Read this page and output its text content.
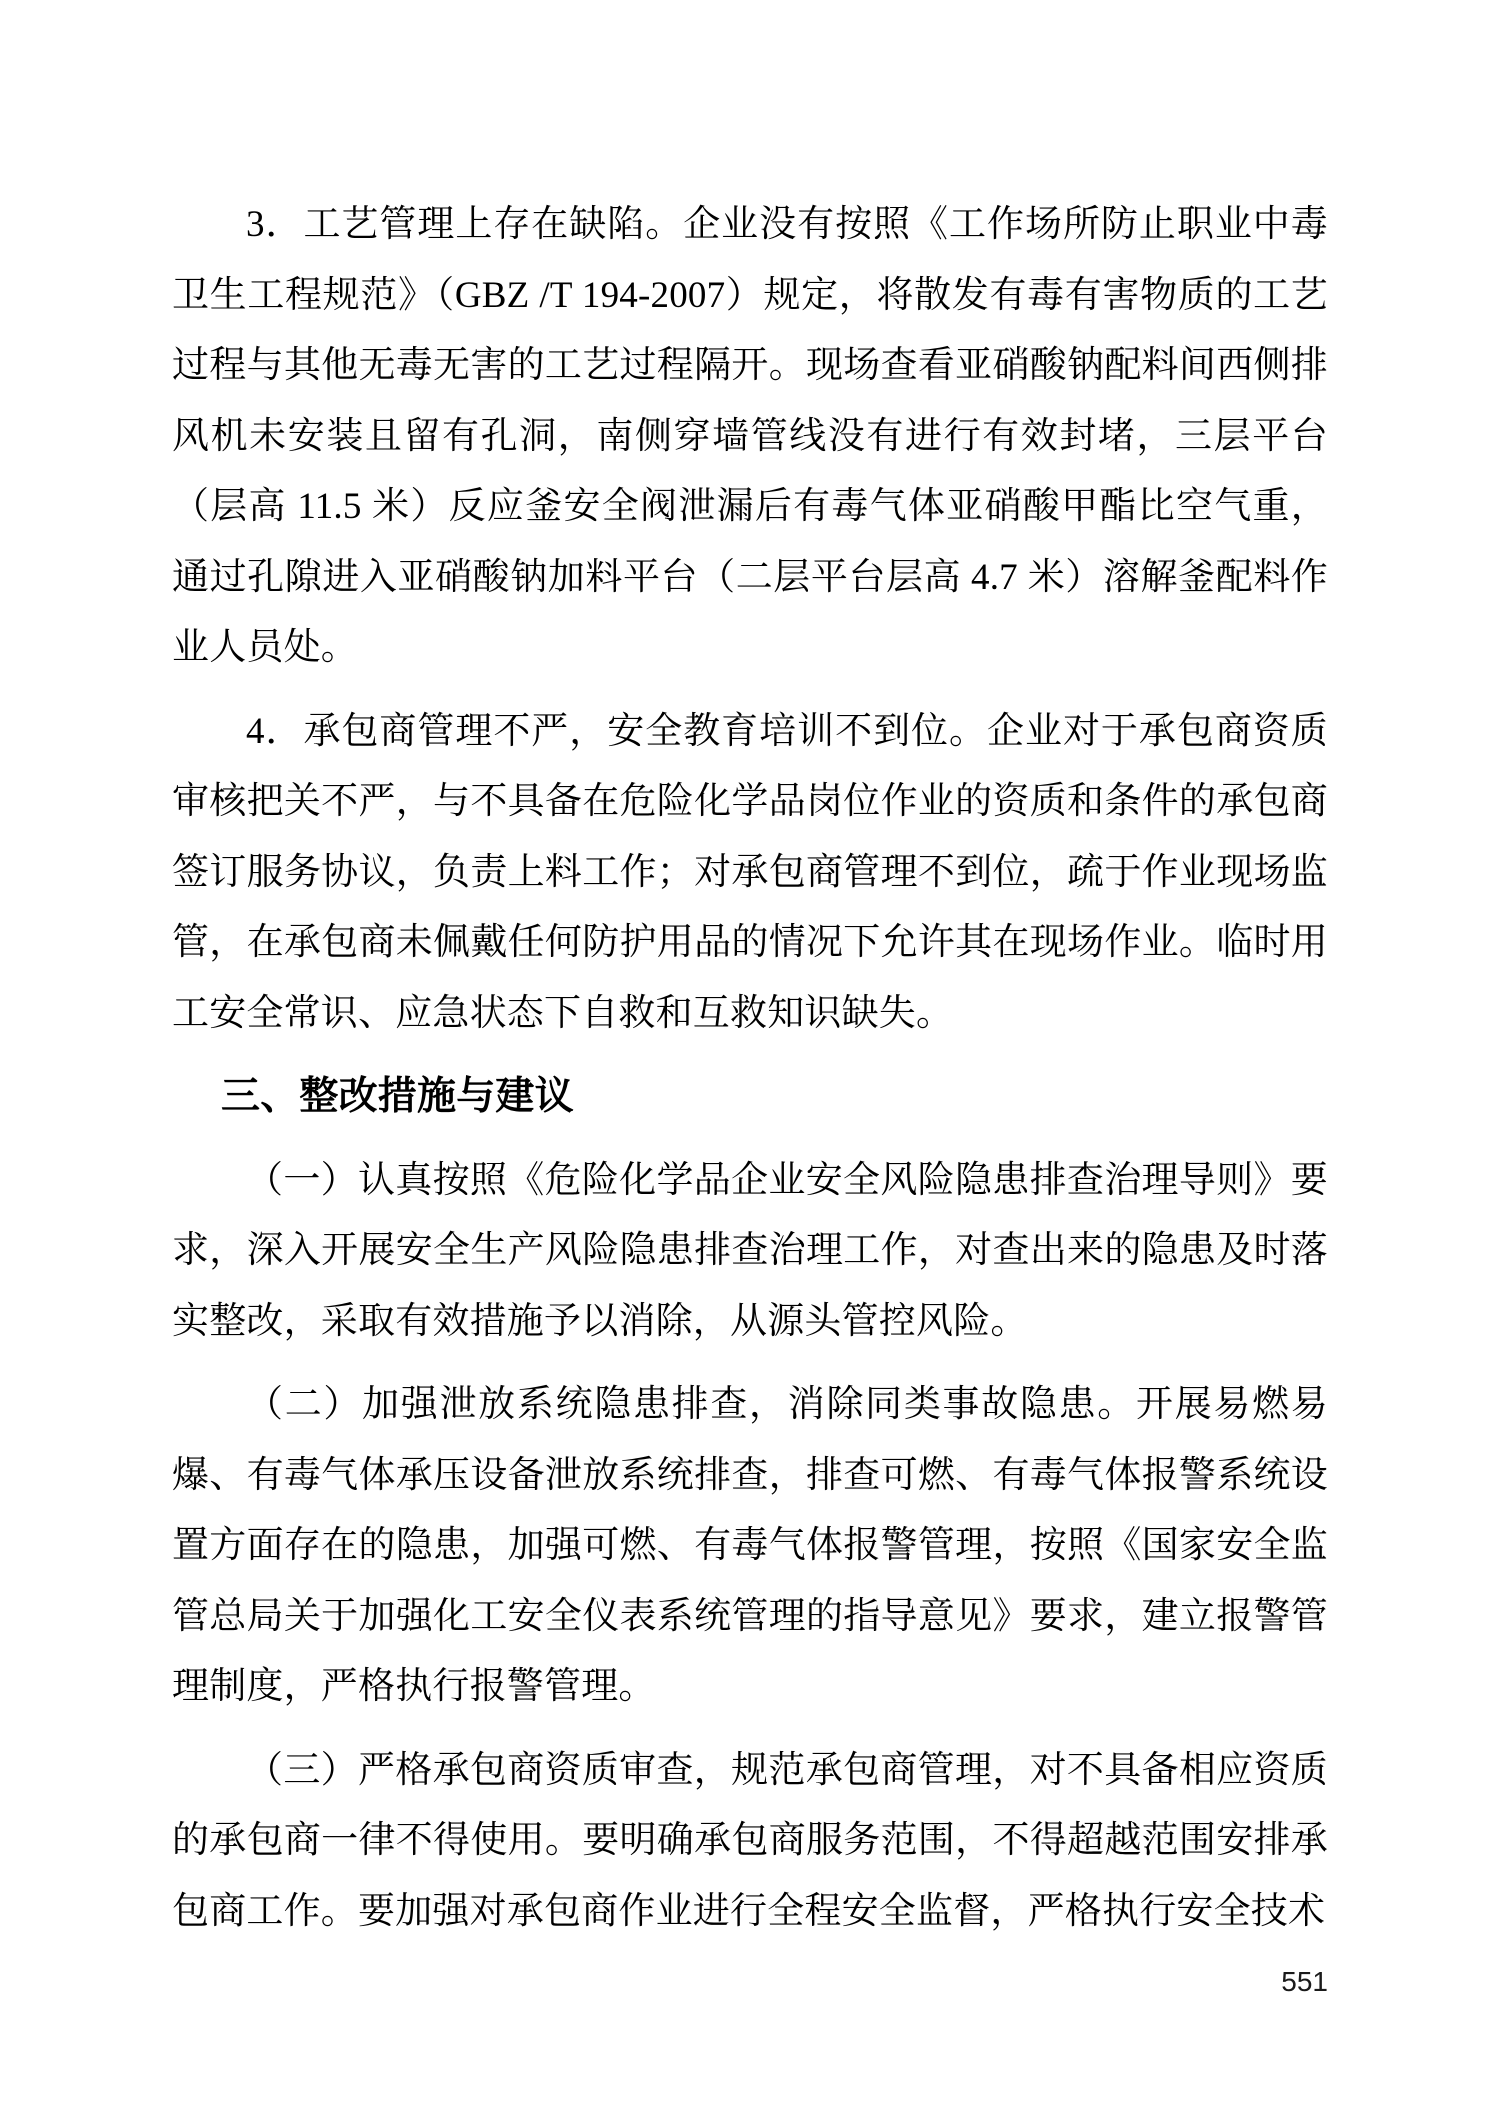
3．工艺管理上存在缺陷。企业没有按照《工作场所防止职业中毒卫生工程规范》（GBZ /T 194-2007）规定，将散发有毒有害物质的工艺过程与其他无毒无害的工艺过程隔开。现场查看亚硝酸钠配料间西侧排风机未安装且留有孔洞，南侧穿墙管线没有进行有效封堵，三层平台（层高 11.5 米）反应釜安全阀泄漏后有毒气体亚硝酸甲酯比空气重，通过孔隙进入亚硝酸钠加料平台（二层平台层高 4.7 米）溶解釜配料作业人员处。

4．承包商管理不严，安全教育培训不到位。企业对于承包商资质审核把关不严，与不具备在危险化学品岗位作业的资质和条件的承包商签订服务协议，负责上料工作；对承包商管理不到位，疏于作业现场监管，在承包商未佩戴任何防护用品的情况下允许其在现场作业。临时用工安全常识、应急状态下自救和互救知识缺失。

三、整改措施与建议

（一）认真按照《危险化学品企业安全风险隐患排查治理导则》要求，深入开展安全生产风险隐患排查治理工作，对查出来的隐患及时落实整改，采取有效措施予以消除，从源头管控风险。

（二）加强泄放系统隐患排查，消除同类事故隐患。开展易燃易爆、有毒气体承压设备泄放系统排查，排查可燃、有毒气体报警系统设置方面存在的隐患，加强可燃、有毒气体报警管理，按照《国家安全监管总局关于加强化工安全仪表系统管理的指导意见》要求，建立报警管理制度，严格执行报警管理。

（三）严格承包商资质审查，规范承包商管理，对不具备相应资质的承包商一律不得使用。要明确承包商服务范围，不得超越范围安排承包商工作。要加强对承包商作业进行全程安全监督，严格执行安全技术

551
